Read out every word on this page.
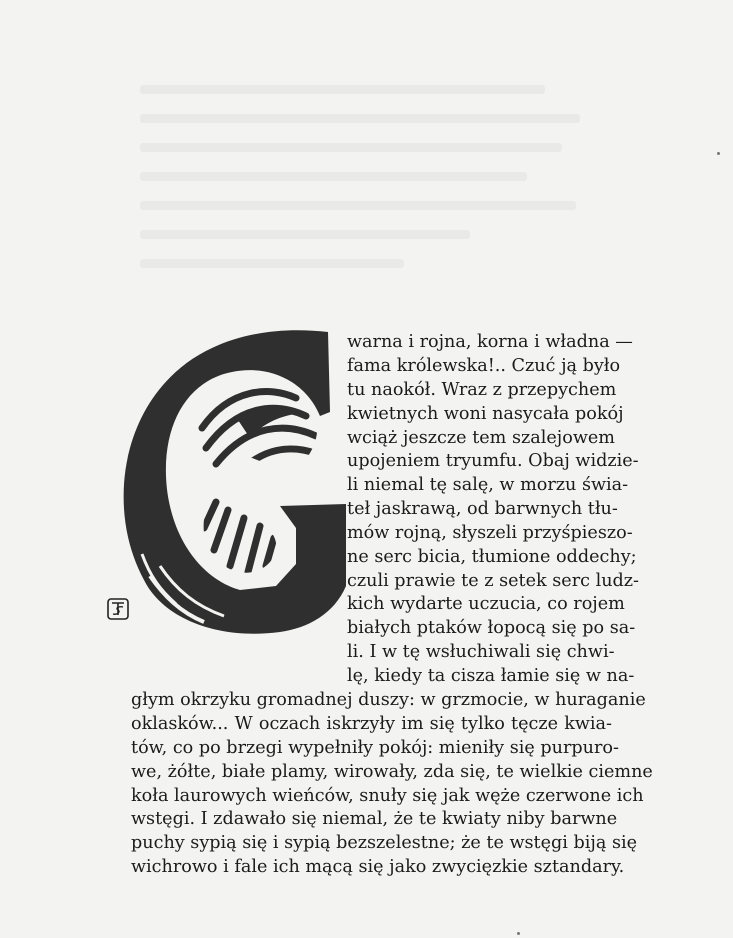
warna i rojna, korna i władna —
fama królewska!.. Czuć ją było
tu naokół. Wraz z przepychem
kwietnych woni nasycała pokój
wciąż jeszcze tem szalejowem
upojeniem tryumfu. Obaj widzie-
li niemal tę salę, w morzu świa-
teł jaskrawą, od barwnych tłu-
mów rojną, słyszeli przyśpieszo-
ne serc bicia, tłumione oddechy;
czuli prawie te z setek serc ludz-
kich wydarte uczucia, co rojem
białych ptaków łopocą się po sa-
li. I w tę wsłuchiwali się chwi-
lę, kiedy ta cisza łamie się w na-
głym okrzyku gromadnej duszy: w grzmocie, w huraganie
oklasków... W oczach iskrzyły im się tylko tęcze kwia-
tów, co po brzegi wypełniły pokój: mieniły się purpuro-
we, żółte, białe plamy, wirowały, zda się, te wielkie ciemne
koła laurowych wieńców, snuły się jak węże czerwone ich
wstęgi. I zdawało się niemal, że te kwiaty niby barwne
puchy sypią się i sypią bezszelestne; że te wstęgi biją się
wichrowo i fale ich mącą się jako zwycięzkie sztandary.
